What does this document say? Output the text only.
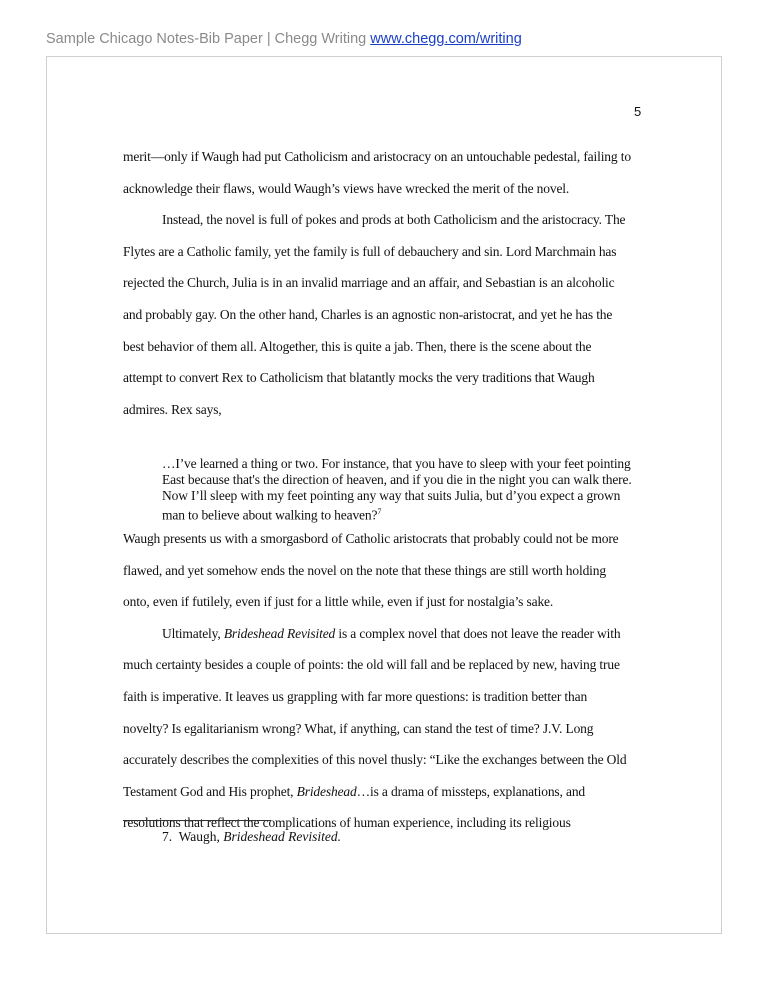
Sample Chicago Notes-Bib Paper | Chegg Writing www.chegg.com/writing
5

merit—only if Waugh had put Catholicism and aristocracy on an untouchable pedestal, failing to

acknowledge their flaws, would Waugh’s views have wrecked the merit of the novel.

Instead, the novel is full of pokes and prods at both Catholicism and the aristocracy. The

Flytes are a Catholic family, yet the family is full of debauchery and sin. Lord Marchmain has

rejected the Church, Julia is in an invalid marriage and an affair, and Sebastian is an alcoholic

and probably gay. On the other hand, Charles is an agnostic non-aristocrat, and yet he has the

best behavior of them all. Altogether, this is quite a jab. Then, there is the scene about the

attempt to convert Rex to Catholicism that blatantly mocks the very traditions that Waugh

admires. Rex says,

…I’ve learned a thing or two. For instance, that you have to sleep with your feet pointing

East because that's the direction of heaven, and if you die in the night you can walk there.

Now I’ll sleep with my feet pointing any way that suits Julia, but d’you expect a grown

man to believe about walking to heaven?$^7$

Waugh presents us with a smorgasbord of Catholic aristocrats that probably could not be more

flawed, and yet somehow ends the novel on the note that these things are still worth holding

onto, even if futilely, even if just for a little while, even if just for nostalgia’s sake.

Ultimately, Brideshead Revisited is a complex novel that does not leave the reader with

much certainty besides a couple of points: the old will fall and be replaced by new, having true

faith is imperative. It leaves us grappling with far more questions: is tradition better than

novelty? Is egalitarianism wrong? What, if anything, can stand the test of time? J.V. Long

accurately describes the complexities of this novel thusly: “Like the exchanges between the Old

Testament God and His prophet, Brideshead…is a drama of missteps, explanations, and

resolutions that reflect the complications of human experience, including its religious

7. Waugh, Brideshead Revisited.
